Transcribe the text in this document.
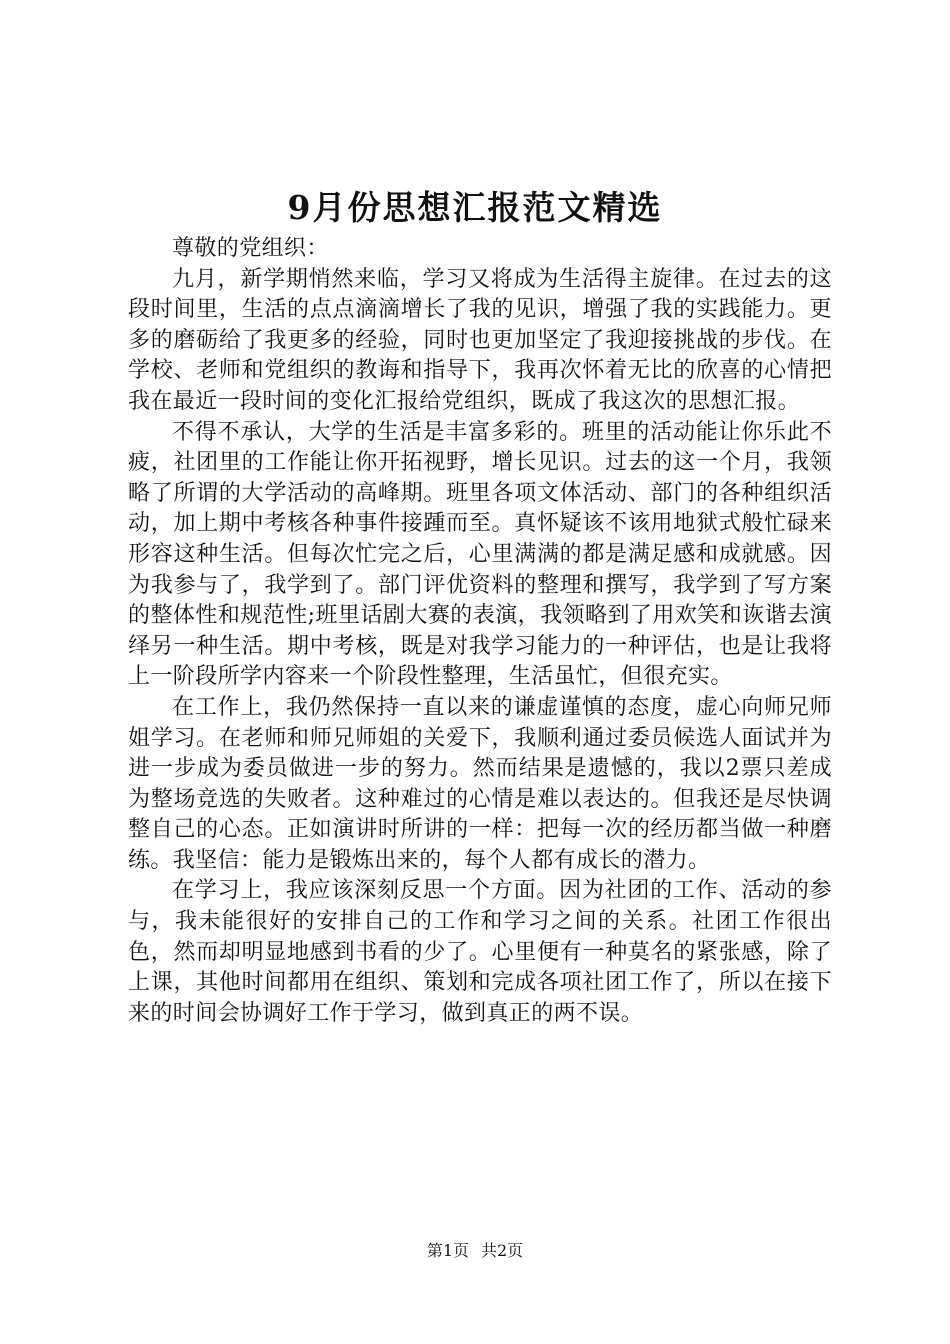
9月份思想汇报范文精选

尊敬的党组织：

九月，新学期悄然来临，学习又将成为生活得主旋律。在过去的这段时间里，生活的点点滴滴增长了我的见识，增强了我的实践能力。更多的磨砺给了我更多的经验，同时也更加坚定了我迎接挑战的步伐。在学校、老师和党组织的教诲和指导下，我再次怀着无比的欣喜的心情把我在最近一段时间的变化汇报给党组织，既成了我这次的思想汇报。

不得不承认，大学的生活是丰富多彩的。班里的活动能让你乐此不疲，社团里的工作能让你开拓视野，增长见识。过去的这一个月，我领略了所谓的大学活动的高峰期。班里各项文体活动、部门的各种组织活动，加上期中考核各种事件接踵而至。真怀疑该不该用地狱式般忙碌来形容这种生活。但每次忙完之后，心里满满的都是满足感和成就感。因为我参与了，我学到了。部门评优资料的整理和撰写，我学到了写方案的整体性和规范性;班里话剧大赛的表演，我领略到了用欢笑和诙谐去演绎另一种生活。期中考核，既是对我学习能力的一种评估，也是让我将上一阶段所学内容来一个阶段性整理，生活虽忙，但很充实。

在工作上，我仍然保持一直以来的谦虚谨慎的态度，虚心向师兄师姐学习。在老师和师兄师姐的关爱下，我顺利通过委员候选人面试并为进一步成为委员做进一步的努力。然而结果是遗憾的，我以2票只差成为整场竞选的失败者。这种难过的心情是难以表达的。但我还是尽快调整自己的心态。正如演讲时所讲的一样：把每一次的经历都当做一种磨练。我坚信：能力是锻炼出来的，每个人都有成长的潜力。

在学习上，我应该深刻反思一个方面。因为社团的工作、活动的参与，我未能很好的安排自己的工作和学习之间的关系。社团工作很出色，然而却明显地感到书看的少了。心里便有一种莫名的紧张感，除了上课，其他时间都用在组织、策划和完成各项社团工作了，所以在接下来的时间会协调好工作于学习，做到真正的两不误。

第1页 共2页
